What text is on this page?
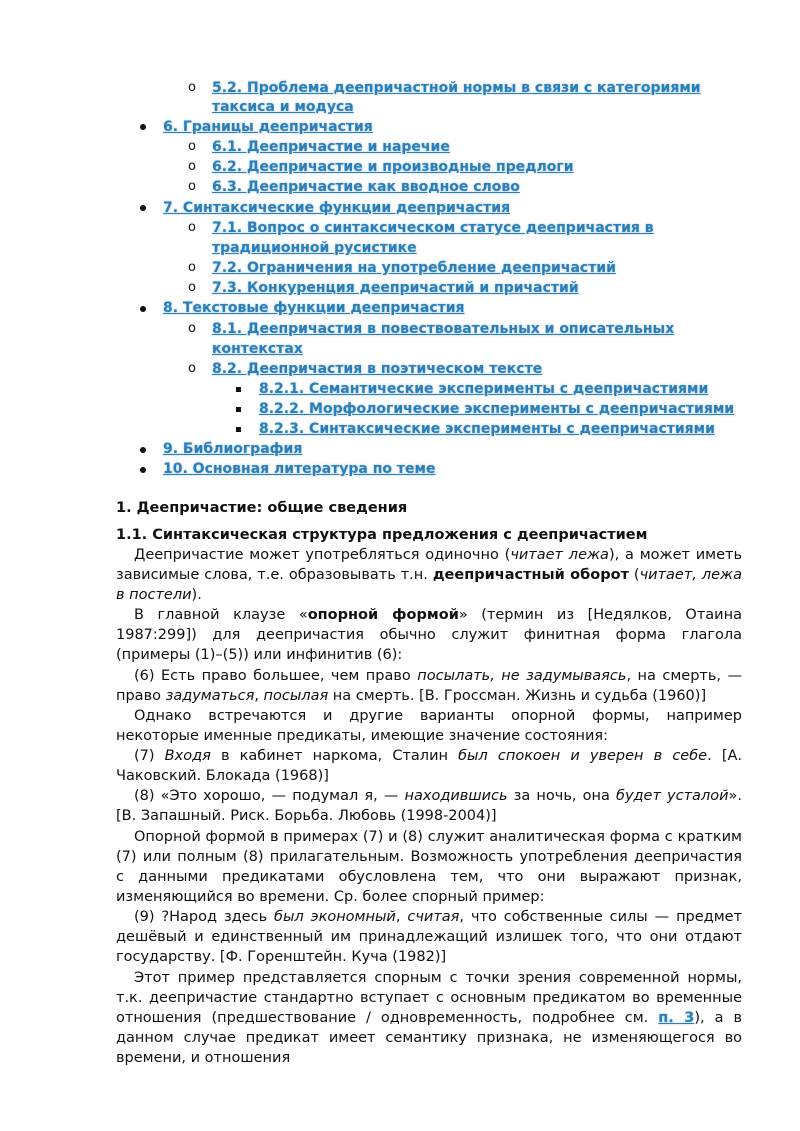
o 5.2. Проблема деепричастной нормы в связи с категориями
таксиса и модуса
6. Границы деепричастия
o 6.1. Деепричастие и наречие
o 6.2. Деепричастие и производные предлоги
o 6.3. Деепричастие как вводное слово
7. Синтаксические функции деепричастия
o 7.1. Вопрос о синтаксическом статусе деепричастия в
традиционной русистике
o 7.2. Ограничения на употребление деепричастий
o 7.3. Конкуренция деепричастий и причастий
8. Текстовые функции деепричастия
o 8.1. Деепричастия в повествовательных и описательных
контекстах
o 8.2. Деепричастия в поэтическом тексте
8.2.1. Семантические эксперименты с деепричастиями
8.2.2. Морфологические эксперименты с деепричастиями
8.2.3. Синтаксические эксперименты с деепричастиями
9. Библиография
10. Основная литература по теме
1. Деепричастие: общие сведения
1.1. Синтаксическая структура предложения с деепричастием
Деепричастие может употребляться одиночно (читает лежа), а может иметь зависимые слова, т.е. образовывать т.н. деепричастный оборот (читает, лежа в постели).
В главной клаузе «опорной формой» (термин из [Недялков, Отаина 1987:299]) для деепричастия обычно служит финитная форма глагола (примеры (1)–(5)) или инфинитив (6):
(6) Есть право большее, чем право посылать, не задумываясь, на смерть, — право задуматься, посылая на смерть. [В. Гроссман. Жизнь и судьба (1960)]
Однако встречаются и другие варианты опорной формы, например некоторые именные предикаты, имеющие значение состояния:
(7) Входя в кабинет наркома, Сталин был спокоен и уверен в себе. [А. Чаковский. Блокада (1968)]
(8) «Это хорошо, — подумал я, — находившись за ночь, она будет усталой». [В. Запашный. Риск. Борьба. Любовь (1998-2004)]
Опорной формой в примерах (7) и (8) служит аналитическая форма с кратким (7) или полным (8) прилагательным. Возможность употребления деепричастия с данными предикатами обусловлена тем, что они выражают признак, изменяющийся во времени. Ср. более спорный пример:
(9) ?Народ здесь был экономный, считая, что собственные силы — предмет дешёвый и единственный им принадлежащий излишек того, что они отдают государству. [Ф. Горенштейн. Куча (1982)]
Этот пример представляется спорным с точки зрения современной нормы, т.к. деепричастие стандартно вступает с основным предикатом во временные отношения (предшествование / одновременность, подробнее см. п. 3), а в данном случае предикат имеет семантику признака, не изменяющегося во времени, и отношения
